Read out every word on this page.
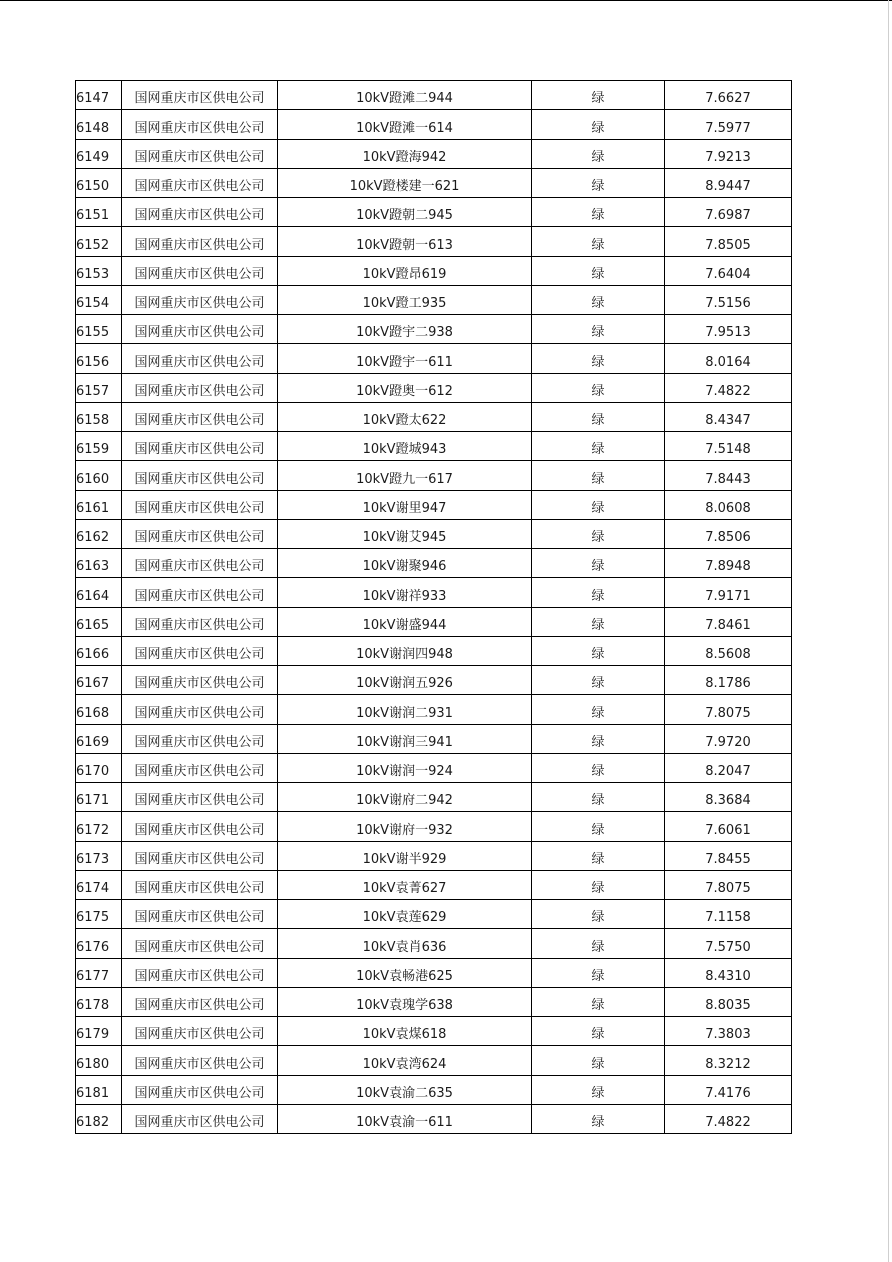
6147	国网重庆市区供电公司	10kV蹬滩二944	绿	7.6627
6148	国网重庆市区供电公司	10kV蹬滩一614	绿	7.5977
6149	国网重庆市区供电公司	10kV蹬海942	绿	7.9213
6150	国网重庆市区供电公司	10kV蹬楼建一621	绿	8.9447
6151	国网重庆市区供电公司	10kV蹬朝二945	绿	7.6987
6152	国网重庆市区供电公司	10kV蹬朝一613	绿	7.8505
6153	国网重庆市区供电公司	10kV蹬昂619	绿	7.6404
6154	国网重庆市区供电公司	10kV蹬工935	绿	7.5156
6155	国网重庆市区供电公司	10kV蹬宇二938	绿	7.9513
6156	国网重庆市区供电公司	10kV蹬宇一611	绿	8.0164
6157	国网重庆市区供电公司	10kV蹬奥一612	绿	7.4822
6158	国网重庆市区供电公司	10kV蹬太622	绿	8.4347
6159	国网重庆市区供电公司	10kV蹬城943	绿	7.5148
6160	国网重庆市区供电公司	10kV蹬九一617	绿	7.8443
6161	国网重庆市区供电公司	10kV谢里947	绿	8.0608
6162	国网重庆市区供电公司	10kV谢艾945	绿	7.8506
6163	国网重庆市区供电公司	10kV谢聚946	绿	7.8948
6164	国网重庆市区供电公司	10kV谢祥933	绿	7.9171
6165	国网重庆市区供电公司	10kV谢盛944	绿	7.8461
6166	国网重庆市区供电公司	10kV谢润四948	绿	8.5608
6167	国网重庆市区供电公司	10kV谢润五926	绿	8.1786
6168	国网重庆市区供电公司	10kV谢润二931	绿	7.8075
6169	国网重庆市区供电公司	10kV谢润三941	绿	7.9720
6170	国网重庆市区供电公司	10kV谢润一924	绿	8.2047
6171	国网重庆市区供电公司	10kV谢府二942	绿	8.3684
6172	国网重庆市区供电公司	10kV谢府一932	绿	7.6061
6173	国网重庆市区供电公司	10kV谢半929	绿	7.8455
6174	国网重庆市区供电公司	10kV袁菁627	绿	7.8075
6175	国网重庆市区供电公司	10kV袁莲629	绿	7.1158
6176	国网重庆市区供电公司	10kV袁肖636	绿	7.5750
6177	国网重庆市区供电公司	10kV袁畅港625	绿	8.4310
6178	国网重庆市区供电公司	10kV袁瑰学638	绿	8.8035
6179	国网重庆市区供电公司	10kV袁煤618	绿	7.3803
6180	国网重庆市区供电公司	10kV袁湾624	绿	8.3212
6181	国网重庆市区供电公司	10kV袁渝二635	绿	7.4176
6182	国网重庆市区供电公司	10kV袁渝一611	绿	7.4822
